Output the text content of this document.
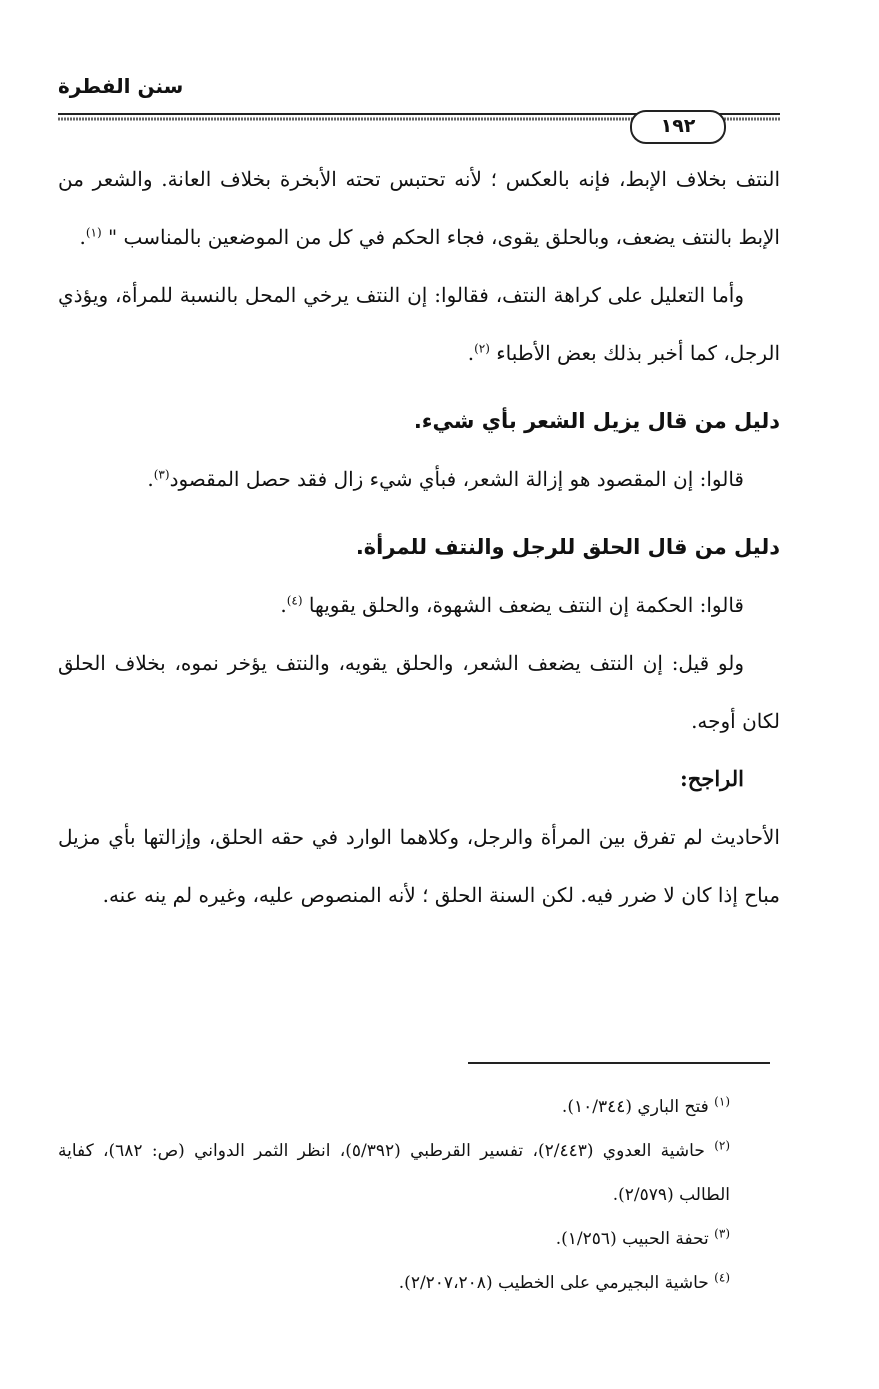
سنن الفطرة
١٩٢

النتف بخلاف الإبط، فإنه بالعكس ؛ لأنه تحتبس تحته الأبخرة بخلاف العانة. والشعر من الإبط بالنتف يضعف، وبالحلق يقوى، فجاء الحكم في كل من الموضعين بالمناسب " $^{(١)}$.

وأما التعليل على كراهة النتف، فقالوا: إن النتف يرخي المحل بالنسبة للمرأة، ويؤذي الرجل، كما أخبر بذلك بعض الأطباء $^{(٢)}$.

دليل من قال يزيل الشعر بأي شيء.

قالوا: إن المقصود هو إزالة الشعر، فبأي شيء زال فقد حصل المقصود$^{(٣)}$.

دليل من قال الحلق للرجل والنتف للمرأة.

قالوا: الحكمة إن النتف يضعف الشهوة، والحلق يقويها $^{(٤)}$.

ولو قيل: إن النتف يضعف الشعر، والحلق يقويه، والنتف يؤخر نموه، بخلاف الحلق لكان أوجه.

الراجح:

الأحاديث لم تفرق بين المرأة والرجل، وكلاهما الوارد في حقه الحلق، وإزالتها بأي مزيل مباح إذا كان لا ضرر فيه. لكن السنة الحلق ؛ لأنه المنصوص عليه، وغيره لم ينه عنه.

$^{(١)}$ فتح الباري (١٠/٣٤٤).

$^{(٢)}$ حاشية العدوي (٢/٤٤٣)، تفسير القرطبي (٥/٣٩٢)، انظر الثمر الدواني (ص: ٦٨٢)، كفاية الطالب (٢/٥٧٩).

$^{(٣)}$ تحفة الحبيب (١/٢٥٦).

$^{(٤)}$ حاشية البجيرمي على الخطيب (٢/٢٠٧،٢٠٨).
